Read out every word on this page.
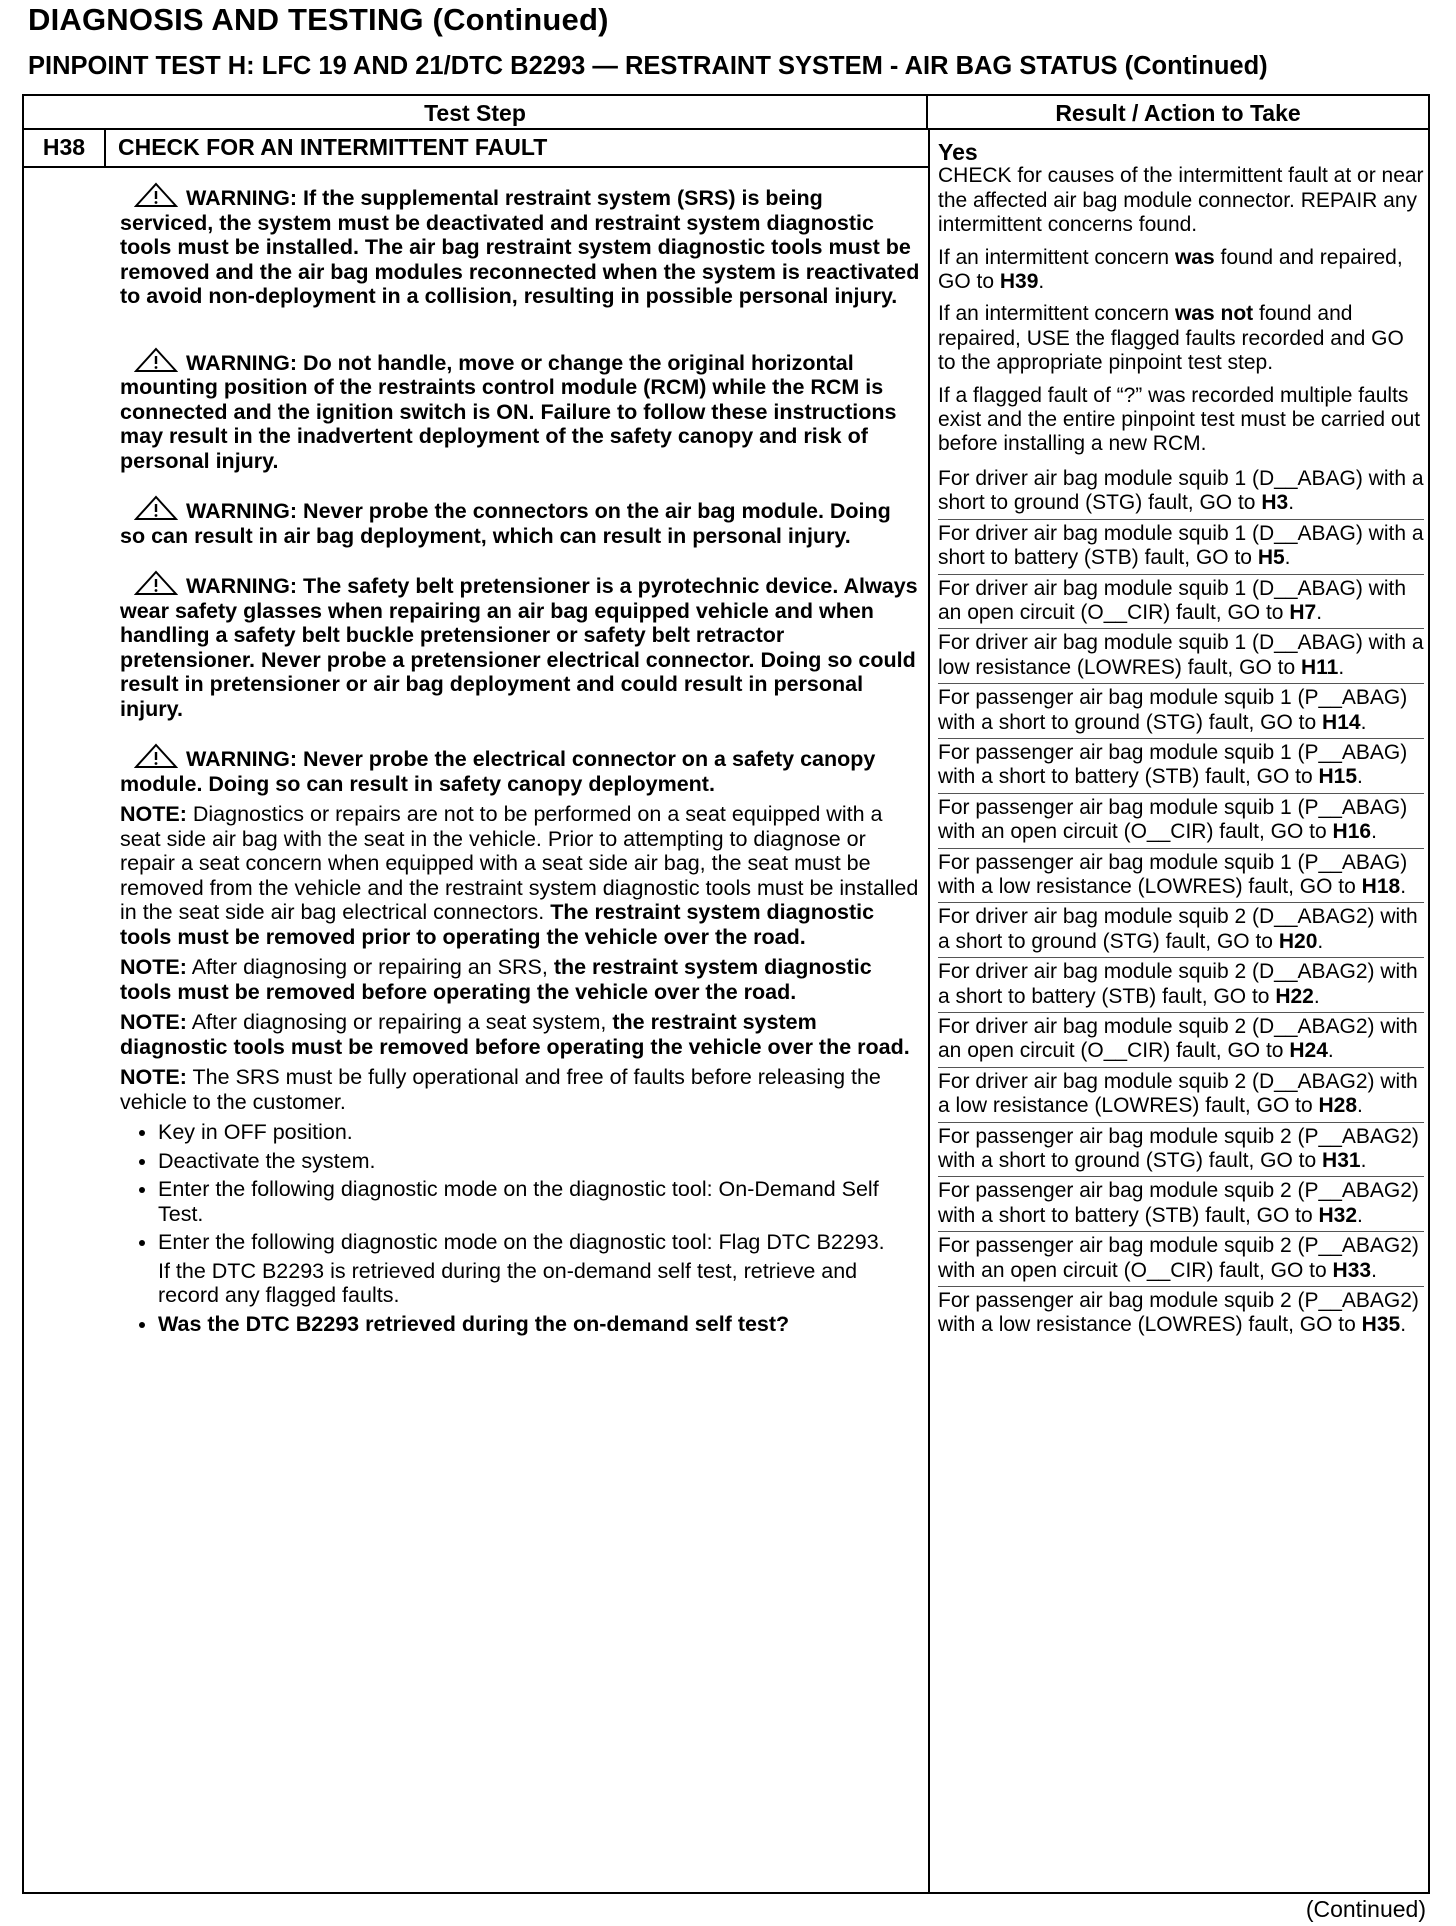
DIAGNOSIS AND TESTING (Continued)
PINPOINT TEST H: LFC 19 AND 21/DTC B2293 — RESTRAINT SYSTEM - AIR BAG STATUS (Continued)
Test Step	Result / Action to Take
H38	CHECK FOR AN INTERMITTENT FAULT

WARNING: If the supplemental restraint system (SRS) is being serviced, the system must be deactivated and restraint system diagnostic tools must be installed. The air bag restraint system diagnostic tools must be removed and the air bag modules reconnected when the system is reactivated to avoid non-deployment in a collision, resulting in possible personal injury.

WARNING: Do not handle, move or change the original horizontal mounting position of the restraints control module (RCM) while the RCM is connected and the ignition switch is ON. Failure to follow these instructions may result in the inadvertent deployment of the safety canopy and risk of personal injury.

WARNING: Never probe the connectors on the air bag module. Doing so can result in air bag deployment, which can result in personal injury.

WARNING: The safety belt pretensioner is a pyrotechnic device. Always wear safety glasses when repairing an air bag equipped vehicle and when handling a safety belt buckle pretensioner or safety belt retractor pretensioner. Never probe a pretensioner electrical connector. Doing so could result in pretensioner or air bag deployment and could result in personal injury.

WARNING: Never probe the electrical connector on a safety canopy module. Doing so can result in safety canopy deployment.

NOTE: Diagnostics or repairs are not to be performed on a seat equipped with a seat side air bag with the seat in the vehicle. Prior to attempting to diagnose or repair a seat concern when equipped with a seat side air bag, the seat must be removed from the vehicle and the restraint system diagnostic tools must be installed in the seat side air bag electrical connectors. The restraint system diagnostic tools must be removed prior to operating the vehicle over the road.

NOTE: After diagnosing or repairing an SRS, the restraint system diagnostic tools must be removed before operating the vehicle over the road.

NOTE: After diagnosing or repairing a seat system, the restraint system diagnostic tools must be removed before operating the vehicle over the road.

NOTE: The SRS must be fully operational and free of faults before releasing the vehicle to the customer.

• Key in OFF position.
• Deactivate the system.
• Enter the following diagnostic mode on the diagnostic tool: On-Demand Self Test.
• Enter the following diagnostic mode on the diagnostic tool: Flag DTC B2293.

If the DTC B2293 is retrieved during the on-demand self test, retrieve and record any flagged faults.

• Was the DTC B2293 retrieved during the on-demand self test?

Yes

CHECK for causes of the intermittent fault at or near the affected air bag module connector. REPAIR any intermittent concerns found.

If an intermittent concern was found and repaired, GO to H39.

If an intermittent concern was not found and repaired, USE the flagged faults recorded and GO to the appropriate pinpoint test step.

If a flagged fault of “?” was recorded multiple faults exist and the entire pinpoint test must be carried out before installing a new RCM.

For driver air bag module squib 1 (D__ABAG) with a short to ground (STG) fault, GO to H3.
For driver air bag module squib 1 (D__ABAG) with a short to battery (STB) fault, GO to H5.
For driver air bag module squib 1 (D__ABAG) with an open circuit (O__CIR) fault, GO to H7.
For driver air bag module squib 1 (D__ABAG) with a low resistance (LOWRES) fault, GO to H11.
For passenger air bag module squib 1 (P__ABAG) with a short to ground (STG) fault, GO to H14.
For passenger air bag module squib 1 (P__ABAG) with a short to battery (STB) fault, GO to H15.
For passenger air bag module squib 1 (P__ABAG) with an open circuit (O__CIR) fault, GO to H16.
For passenger air bag module squib 1 (P__ABAG) with a low resistance (LOWRES) fault, GO to H18.
For driver air bag module squib 2 (D__ABAG2) with a short to ground (STG) fault, GO to H20.
For driver air bag module squib 2 (D__ABAG2) with a short to battery (STB) fault, GO to H22.
For driver air bag module squib 2 (D__ABAG2) with an open circuit (O__CIR) fault, GO to H24.
For driver air bag module squib 2 (D__ABAG2) with a low resistance (LOWRES) fault, GO to H28.
For passenger air bag module squib 2 (P__ABAG2) with a short to ground (STG) fault, GO to H31.
For passenger air bag module squib 2 (P__ABAG2) with a short to battery (STB) fault, GO to H32.
For passenger air bag module squib 2 (P__ABAG2) with an open circuit (O__CIR) fault, GO to H33.
For passenger air bag module squib 2 (P__ABAG2) with a low resistance (LOWRES) fault, GO to H35.
(Continued)
